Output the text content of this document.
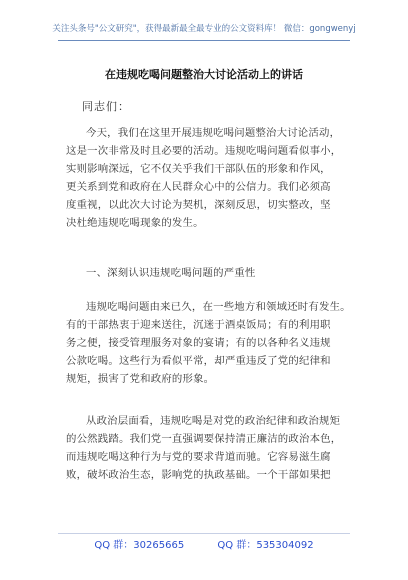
关注头条号"公文研究"，获得最新最全最专业的公文资料库！ 微信：gongwenyj
在违规吃喝问题整治大讨论活动上的讲话
同志们：
今天，我们在这里开展违规吃喝问题整治大讨论活动，
这是一次非常及时且必要的活动。违规吃喝问题看似事小，
实则影响深远，它不仅关乎我们干部队伍的形象和作风，
更关系到党和政府在人民群众心中的公信力。我们必须高
度重视，以此次大讨论为契机，深刻反思，切实整改，坚
决杜绝违规吃喝现象的发生。
一、深刻认识违规吃喝问题的严重性
违规吃喝问题由来已久，在一些地方和领域还时有发生。
有的干部热衷于迎来送往，沉迷于酒桌饭局；有的利用职
务之便，接受管理服务对象的宴请；有的以各种名义违规
公款吃喝。这些行为看似平常，却严重违反了党的纪律和
规矩，损害了党和政府的形象。
从政治层面看，违规吃喝是对党的政治纪律和政治规矩
的公然践踏。我们党一直强调要保持清正廉洁的政治本色，
而违规吃喝这种行为与党的要求背道而驰。它容易滋生腐
败，破坏政治生态，影响党的执政基础。一个干部如果把
QQ 群：30265665	QQ 群：535304092
